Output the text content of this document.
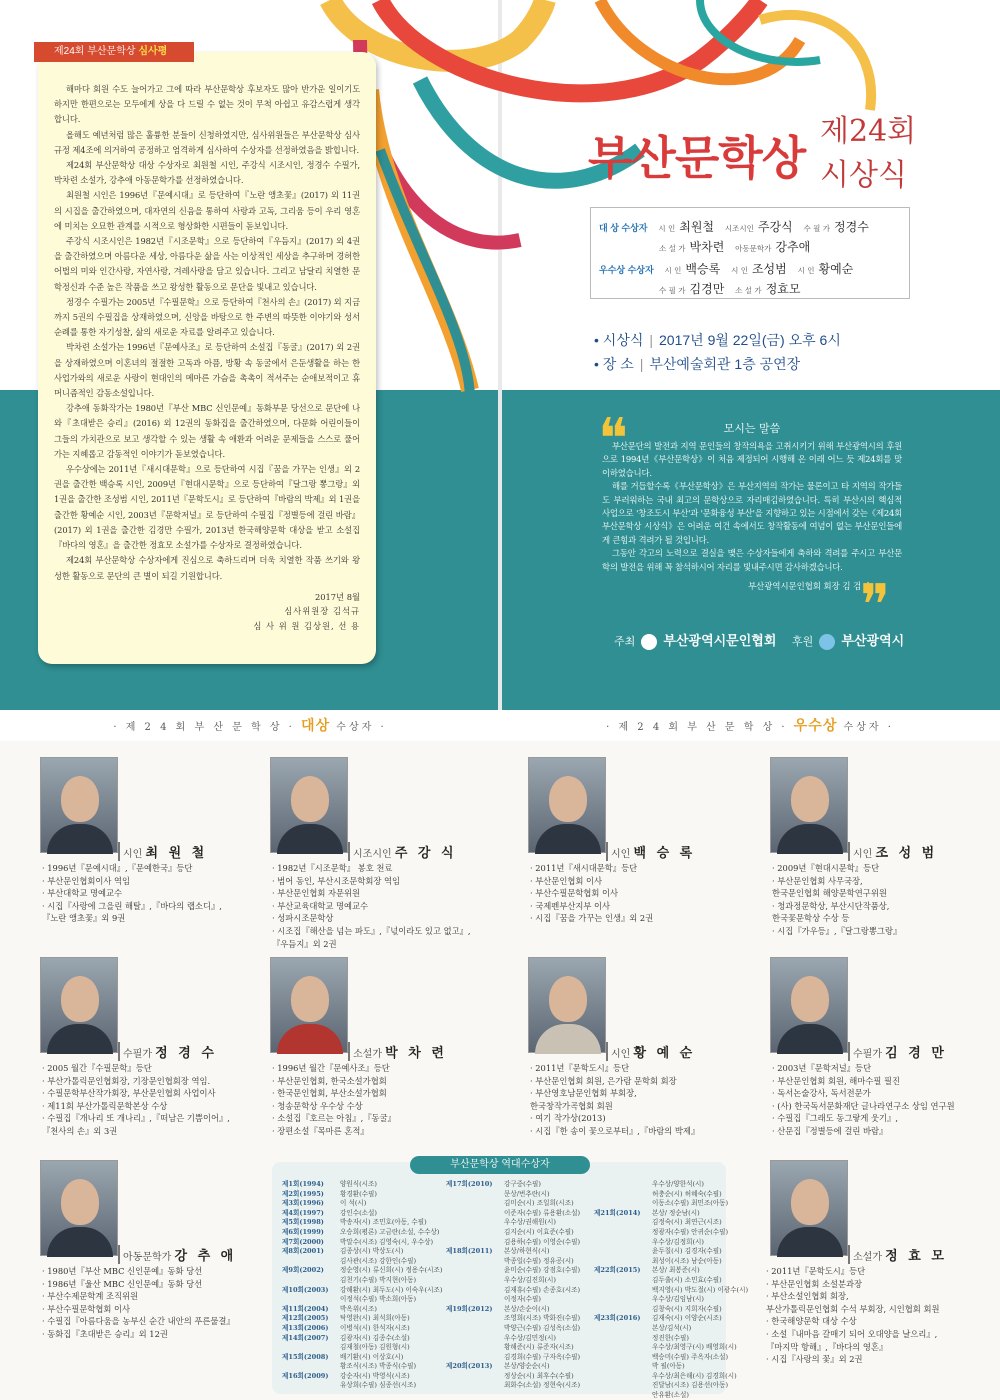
해마다 회원 수도 늘어가고 그에 따라 부산문학상 후보자도 많아 반가운 일이기도 하지만 한편으로는 모두에게 상을 다 드릴 수 없는 것이 무척 아쉽고 유감스럽게 생각합니다.

올해도 예년처럼 많은 훌륭한 분들이 신청하였지만, 심사위원들은 부산문학상 심사규정 제4조에 의거하여 공정하고 엄격하게 심사하여 수상자를 선정하였음을 밝힙니다.

제24회 부산문학상 대상 수상자로 최원철 시인, 주강식 시조시인, 정경수 수필가, 박차련 소설가, 강추애 아동문학가를 선정하였습니다.

최원철 시인은 1996년『문예시대』로 등단하여『노란 앵초꽃』(2017) 외 11권의 시집을 출간하였으며, 대자연의 신음을 통하여 사랑과 고독, 그리움 등이 우리 영혼에 미치는 오묘한 관계를 시적으로 형상화한 시편들이 돋보입니다.

주강식 시조시인은 1982년『시조문학』으로 등단하여『우듬지』(2017) 외 4권을 출간하였으며 아름다운 세상, 아름다운 삶을 사는 이상적인 세상을 추구하며 경허한 어법의 미와 인간사랑, 자연사랑, 겨레사랑을 담고 있습니다. 그리고 남달리 치열한 문학정신과 수준 높은 작품을 쓰고 왕성한 활동으로 문단을 빛내고 있습니다.

정경수 수필가는 2005년『수필문학』으로 등단하여『천사의 손』(2017) 외 지금까지 5권의 수필집을 상재하였으며, 신앙을 바탕으로 한 주변의 따뜻한 이야기와 성서순례를 통한 자기성찰, 삶의 새로운 자료를 알려주고 있습니다.

박차련 소설가는 1996년『문예사조』로 등단하여 소설집『동굴』(2017) 외 2권을 상재하였으며 이혼녀의 절절한 고독과 아픔, 방황 속 동굴에서 은둔생활을 하는 한 사업가와의 새로운 사랑이 현대인의 메마른 가슴을 촉촉이 적셔주는 순애보적이고 휴머니즘적인 감동소설입니다.

강추애 동화작가는 1980년『부산 MBC 신인문예』동화부문 당선으로 문단에 나와『초대받은 승리』(2016) 외 12권의 동화집을 출간하였으며, 다문화 어린이들이 그들의 가치관으로 보고 생각할 수 있는 생활 속 애환과 어려운 문제들을 스스로 풀어가는 지혜롭고 감동적인 이야기가 돋보였습니다.

우수상에는 2011년『새시대문학』으로 등단하여 시집『꿈을 가꾸는 인생』외 2권을 출간한 백승록 시인, 2009년『현대시문학』으로 등단하여『달그랑 뽕그랑』외 1권을 출간한 조성범 시인, 2011년『문학도시』로 등단하여『바람의 박제』외 1권을 출간한 황예순 시인, 2003년『문학저널』로 등단하여 수필집『정별등에 걸린 바람』(2017) 외 1권을 출간한 김경만 수필가, 2013년 한국해양문학 대상을 받고 소설집『바다의 영혼』을 출간한 정효모 소설가를 수상자로 결정하였습니다.

제24회 부산문학상 수상자에게 진심으로 축하드리며 더욱 치열한 작품 쓰기와 왕성한 활동으로 문단의 큰 별이 되길 기원합니다.

2017년 8월
심사위원장 김석규
심 사 위 원 김상원, 선 용
제24회 부산문학상 심사평
부산문학상 제24회
시상식
대 상 수상자 시 인 최원철 시조시인 주강식 수 필 가 정경수
소 설 가 박차련 아동문학가 강추애
우수상 수상자 시 인 백승록 시 인 조성범 시 인 황예순
수 필 가 김경만 소 설 가 정효모
• 시상식 | 2017년 9월 22일(금) 오후 6시
• 장 소 | 부산예술회관 1층 공연장
❝	모시는 말씀

부산문단의 발전과 지역 문인들의 창작의욕을 고취시키기 위해 부산광역시의 후원으로 1994년《부산문학상》이 처음 제정되어 시행해 온 이래 어느 듯 제24회를 맞이하였습니다.

해를 거듭할수록《부산문학상》은 부산지역의 작가는 물론이고 타 지역의 작가들도 부러워하는 국내 최고의 문학상으로 자리매김하였습니다. 특히 부산시의 핵심적 사업으로 '창조도시 부산'과 '문화융성 부산'을 지향하고 있는 시점에서 갖는《제24회 부산문학상 시상식》은 어려운 여건 속에서도 창작활동에 여념이 없는 부산문인들에게 큰힘과 격려가 될 것입니다.

그동안 각고의 노력으로 결실을 맺은 수상자들에게 축하와 격려를 주시고 부산문학의 발전을 위해 꼭 참석하시어 자리를 빛내주시면 감사하겠습니다.

부산광역시문인협회 회장 김 검 수
❞
주최 부산광역시문인협회 후원 부산광역시
· 제 2 4 회 부 산 문 학 상 · 대상 수상자 ·	· 제 2 4 회 부 산 문 학 상 · 우수상 수상자 ·
시인 최 원 철
· 1996년『문예시대』,『문예한국』등단
· 부산문인협회이사 역임
· 부산대학교 명예교수
· 시집『사랑에 그을린 해탈』,『바다의 랩소디』,
『노란 앵초꽃』외 9권
시조시인 주 강 식
· 1982년『시조문학』 봉호 천료
· 범어 동인, 부산시조문학회장 역임
· 부산문인협회 자문위원
· 부산교육대학교 명예교수
· 성파시조문학상
· 시조집『해산을 넘는 파도』,『넋이라도 있고 없고』,
『우듬지』외 2권
시인 백 승 록
· 2011년『새시대문학』등단
· 부산문인협회 이사
· 부산수필문학협회 이사
· 국제펜부산지부 이사
· 시집『꿈을 가꾸는 인생』외 2권
시인 조 성 범
· 2009년『현대시문학』등단
· 부산문인협회 사무국장,
한국문인협회 해양문학연구위원
· 청과정문학상, 부산시단작품상,
한국꽃문학상 수상 등
· 시집『가우등』,『달그랑뽕그랑』
수필가 정 경 수
· 2005 월간『수필문학』등단
· 부산가톨릭문인협회장, 기장문인협회장 역임.
· 수필문학부산작가회장, 부산문인협회 사업이사
· 제11회 부산가톨릭문학본상 수상
· 수필집『개나리 또 개나리』,『떠남은 기쁨이어』,
『천사의 손』외 3권
소설가 박 차 련
· 1996년 월간『문예사조』등단
· 부산문인협회, 한국소설가협회
· 한국문인협회, 부산소설가협회
· 청송문학상 우수상 수상
· 소설집『호르는 아침』,『동굴』
· 장편소설『목마른 혼적』
시인 황 예 순
· 2011년『문학도시』등단
· 부산문인협회 회원, 은가람 문학회 회장
· 부산영호남문인협회 부회장,
한국창작가곡협회 회원
· 여기 작가상(2013)
· 시집『한 송이 꽃으로부터』,『바람의 박제』
수필가 김 경 만
· 2003년『문학저널』등단
· 부산문인협회 회원, 해마수필 필진
· 독서논술강사, 독서전문가
· (사) 한국독서문화재단 글나라연구소 상임 연구원
· 수필집『그래도 동그랗게 웃기』,
· 산문집『정별등에 걸린 바람』
아동문학가 강 추 애
· 1980년『부산 MBC 신인문예』동화 당선
· 1986년『울산 MBC 신인문예』동화 당선
· 부산수제문학계 조직위원
· 부산수필문학협회 이사
· 수필집『아름다움을 농부신 순간 내안의 푸른물결』
· 동화집『초대받은 승리』외 12권
소설가 정 효 모
· 2011년『문학도시』등단
· 부산문인협회 소설분과장
· 부산소설인협회 회장,
부산가톨릭문인협회 수석 부회장, 시인협회 회원
· 한국해양문학 대상 수상
· 소설『내마음 갈매기 되어 오대양을 날으리』,
『마지막 항해』,『바다의 영혼』
· 시집『사랑의 꽃』외 2권
부산문학상 역대수상자
제1회(1994) 양원식(시조)
제2회(1995) 황경환(수필)
제3회(1996) 이 석(시)
제4회(1997) 강인수(소설)
제5회(1998) 박송자(시) 조민호(아동, 수필)
제6회(1999) 오승희(평론) 고금란(소설, 수수상)
제7회(2000) 박말수(시조) 김영숙(시, 우수상)
제8회(2001) 김종상(시) 박상도(시)
김사관(시조) 강한인(수필)
제9회(2002) 정순영(시) 류신희(시) 정용수(시조)
김천기(수필) 박지현(아동)
제10회(2003) 강해환(시) 최두도(시) 이숙우(시조)
이정석(수필) 박소희(아동)
제11회(2004) 박옥위(시조)
제12회(2005) 탁영완(시) 최석희(아동)
제13회(2006) 이병석(시) 한석자(시조)
제14회(2007) 김광자(시) 김종수(소설)
김재철(아동) 김원형(시)
제15회(2008) 배기환(시) 이상호(시)
황조식(시조) 박종식(수필)
제16회(2009) 강순자(시) 박영식(시조)
유상희(수필) 심종선(시조)
제17회(2010) 강구중(수필)
문상/번추란(시)
김미순(시) 조일희(시조)
이준자(수필) 류용환(소설)
우수상/권해원(시)
김지순(시) 이효준(수필)
김용하(수필) 이영순(수필)
제18회(2011) 본상/하현식(시)
박종일(수필) 정유공(시)
윤미순(수필) 강점호(수필)
우수상/김진희(시)
김재휴(수필) 손종호(시조)
이정자(수필)
제19회(2012) 본상/손순이(시)
조영희(시조) 박화진(수필)
박양근(수필) 김성옥(소설)
우수상/김민정(시)
황해준(시) 류준자(시조)
김경희(수필) 구자옥(수필)
제20회(2013) 본상/양순순(시)
정상순(시) 최후수(수필)
최화수(소설) 정현숙(시조)
우수상/양한석(시)
허충순(시) 허혜숙(수필)
이동소(수필) 최민조(아동)
제21회(2014) 본상/ 정순남(시)
김정숙(시) 최연근(시조)
정광자(수필) 안귀순(수필)
우수상/김정희(시)
윤두칠(시) 김경자(수필)
최성이(시조) 남순(아동)
제22회(2015) 본상/ 최봉준(시)
김두출(시) 소민효(수필)
백지영(시) 박도절(시) 이광수(시)
우수상/김임남(시)
김창숙(시) 지희자(수필)
제23회(2016) 김재숙(시) 이양순(시조)
본상/김석(시)
정진한(수필)
우수상/최영구(시) 배영희(시)
백승미(수필) 주옥자(소설)
박 필(아동)
우수상/최은해(시) 김경희(시)
진달남(시조) 김용선(아동)
안유환(소설)
